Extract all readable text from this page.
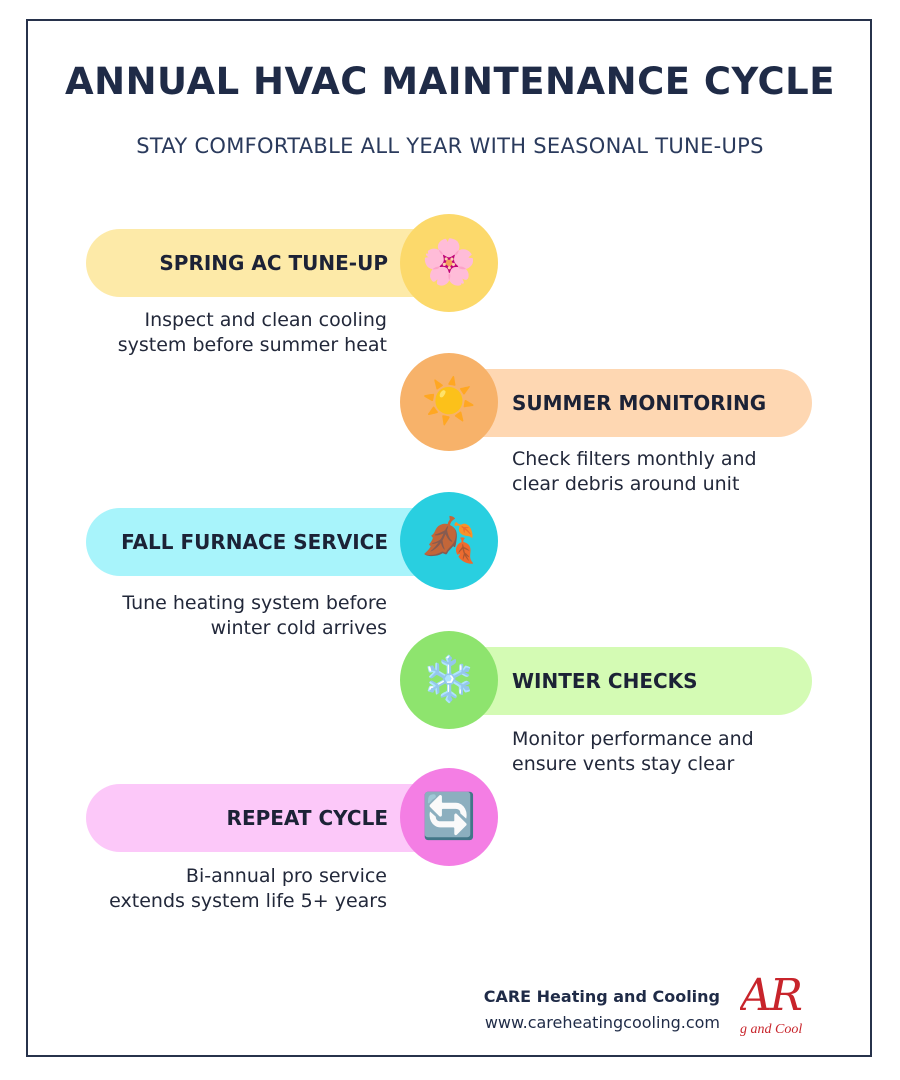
ANNUAL HVAC MAINTENANCE CYCLE

STAY COMFORTABLE ALL YEAR WITH SEASONAL TUNE-UPS

SPRING AC TUNE-UP 🌸
Inspect and clean cooling
system before summer heat
SUMMER MONITORING
☀️
Check filters monthly and
clear debris around unit
FALL FURNACE SERVICE 🍂
Tune heating system before
winter cold arrives
WINTER CHECKS
❄️
Monitor performance and
ensure vents stay clear
REPEAT CYCLE 🔄
Bi-annual pro service
extends system life 5+ years
CARE Heating and Cooling
www.careheatingcooling.com
AR
g and Cool
